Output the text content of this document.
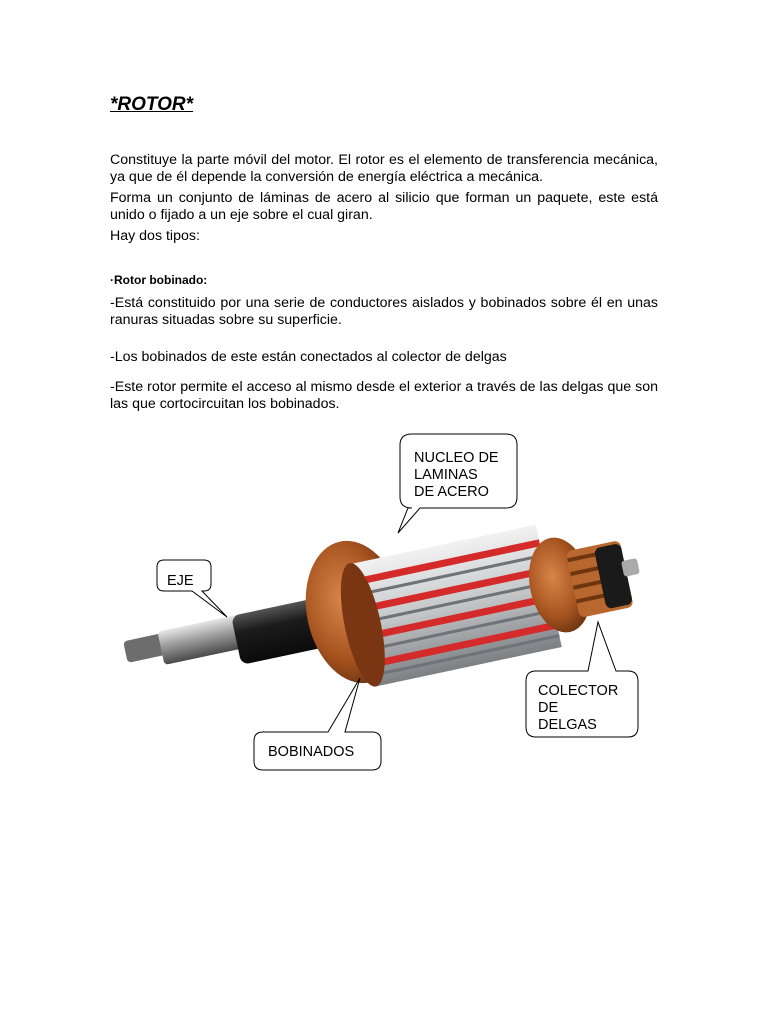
*ROTOR*
Constituye la parte móvil del motor. El rotor es el elemento de transferencia mecánica, ya que de él depende la conversión de energía eléctrica a mecánica.
Forma un conjunto de láminas de acero al silicio que forman un paquete, este está unido o fijado a un eje sobre el cual giran.
Hay dos tipos:
·Rotor bobinado:
-Está constituido por una serie de conductores aislados y bobinados sobre él en unas ranuras situadas sobre su superficie.
-Los bobinados de este están conectados al colector de delgas
-Este rotor permite el acceso al mismo desde el exterior a través de las delgas que son las que cortocircuitan los bobinados.
NUCLEO DE
LAMINAS
DE ACERO
EJE
COLECTOR
DE
DELGAS
BOBINADOS
